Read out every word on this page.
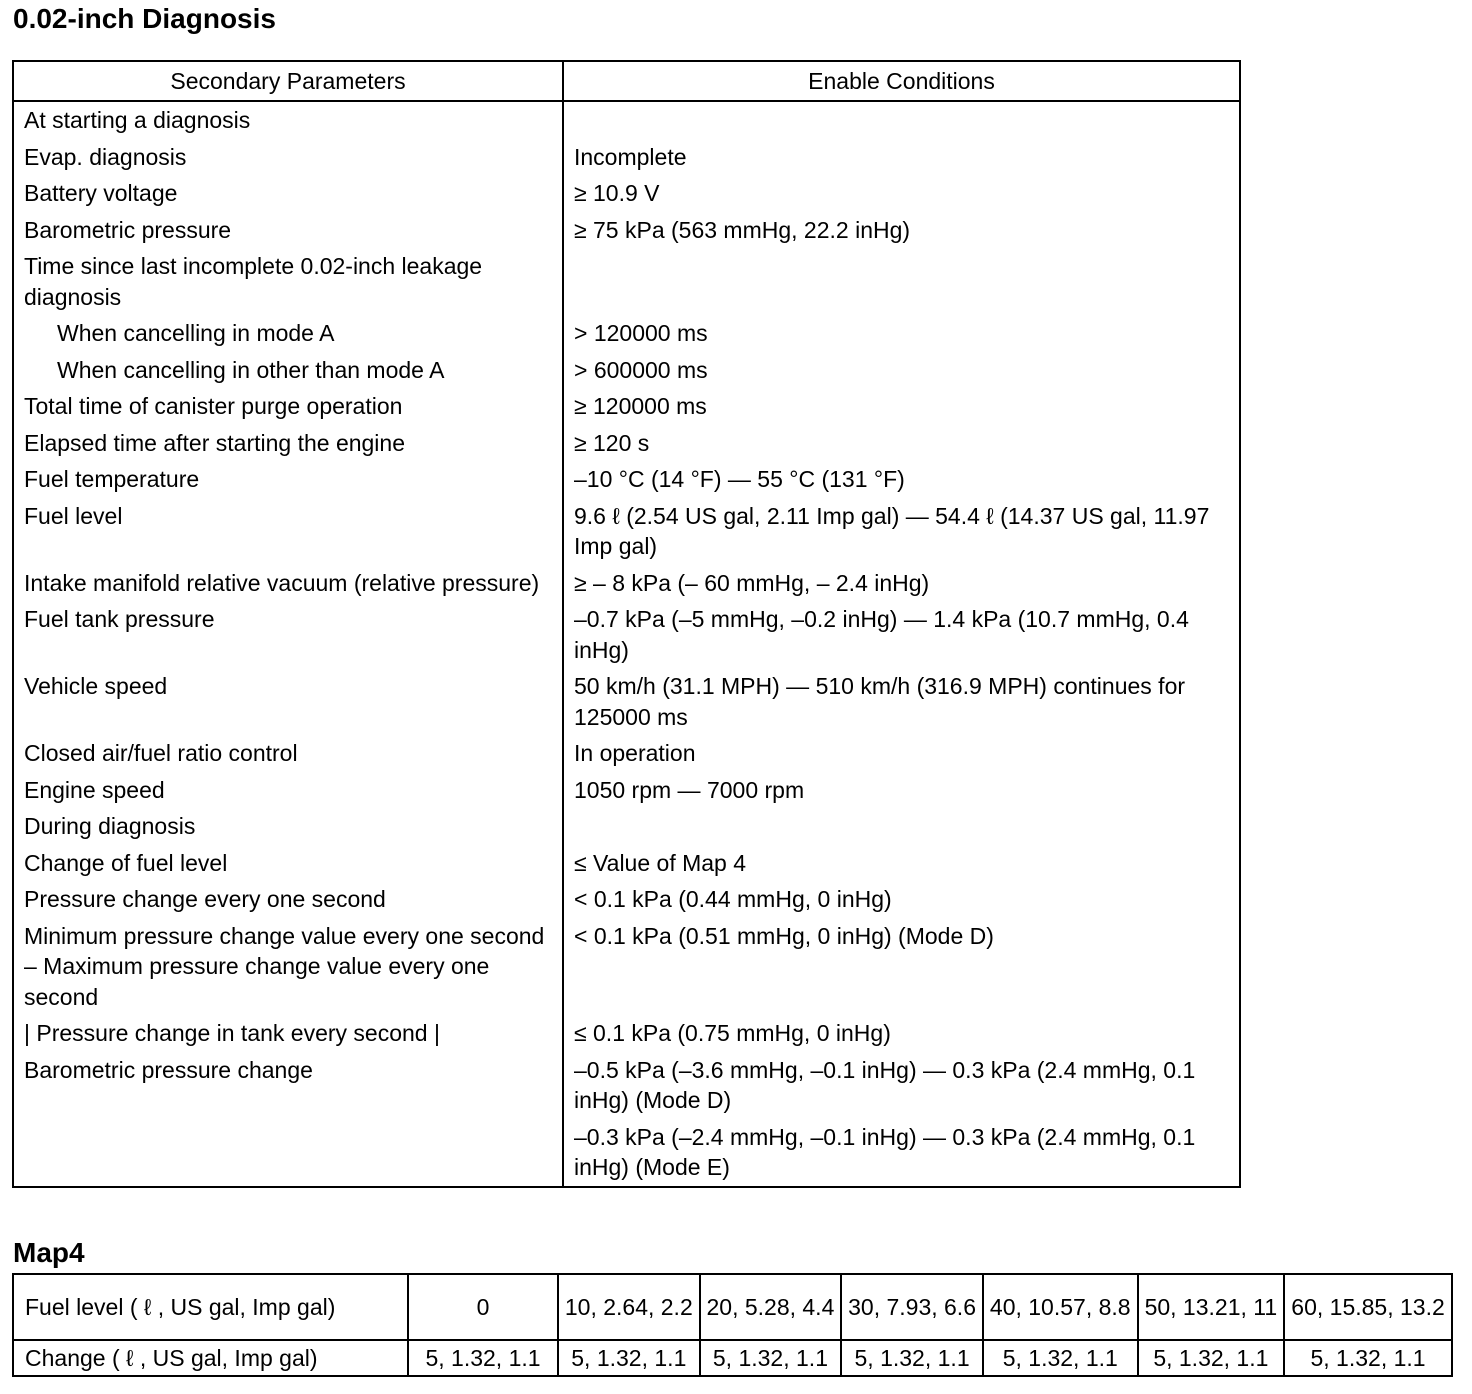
0.02-inch Diagnosis
Secondary Parameters	Enable Conditions
At starting a diagnosis	
Evap. diagnosis	Incomplete
Battery voltage	≥ 10.9 V
Barometric pressure	≥ 75 kPa (563 mmHg, 22.2 inHg)
Time since last incomplete 0.02-inch leakage diagnosis	
When cancelling in mode A	> 120000 ms
When cancelling in other than mode A	> 600000 ms
Total time of canister purge operation	≥ 120000 ms
Elapsed time after starting the engine	≥ 120 s
Fuel temperature	–10 °C (14 °F) — 55 °C (131 °F)
Fuel level	9.6 ℓ (2.54 US gal, 2.11 Imp gal) — 54.4 ℓ (14.37 US gal, 11.97 Imp gal)
Intake manifold relative vacuum (relative pressure)	≥ – 8 kPa (– 60 mmHg, – 2.4 inHg)
Fuel tank pressure	–0.7 kPa (–5 mmHg, –0.2 inHg) — 1.4 kPa (10.7 mmHg, 0.4 inHg)
Vehicle speed	50 km/h (31.1 MPH) — 510 km/h (316.9 MPH) continues for 125000 ms
Closed air/fuel ratio control	In operation
Engine speed	1050 rpm — 7000 rpm
During diagnosis	
Change of fuel level	≤ Value of Map 4
Pressure change every one second	< 0.1 kPa (0.44 mmHg, 0 inHg)
Minimum pressure change value every one second – Maximum pressure change value every one second	< 0.1 kPa (0.51 mmHg, 0 inHg) (Mode D)
| Pressure change in tank every second |	≤ 0.1 kPa (0.75 mmHg, 0 inHg)
Barometric pressure change	–0.5 kPa (–3.6 mmHg, –0.1 inHg) — 0.3 kPa (2.4 mmHg, 0.1 inHg) (Mode D)
	–0.3 kPa (–2.4 mmHg, –0.1 inHg) — 0.3 kPa (2.4 mmHg, 0.1 inHg) (Mode E)
Map4
Fuel level ( ℓ , US gal, Imp gal)	0	10, 2.64, 2.2	20, 5.28, 4.4	30, 7.93, 6.6	40, 10.57, 8.8	50, 13.21, 11	60, 15.85, 13.2
Change ( ℓ , US gal, Imp gal)	5, 1.32, 1.1	5, 1.32, 1.1	5, 1.32, 1.1	5, 1.32, 1.1	5, 1.32, 1.1	5, 1.32, 1.1	5, 1.32, 1.1
